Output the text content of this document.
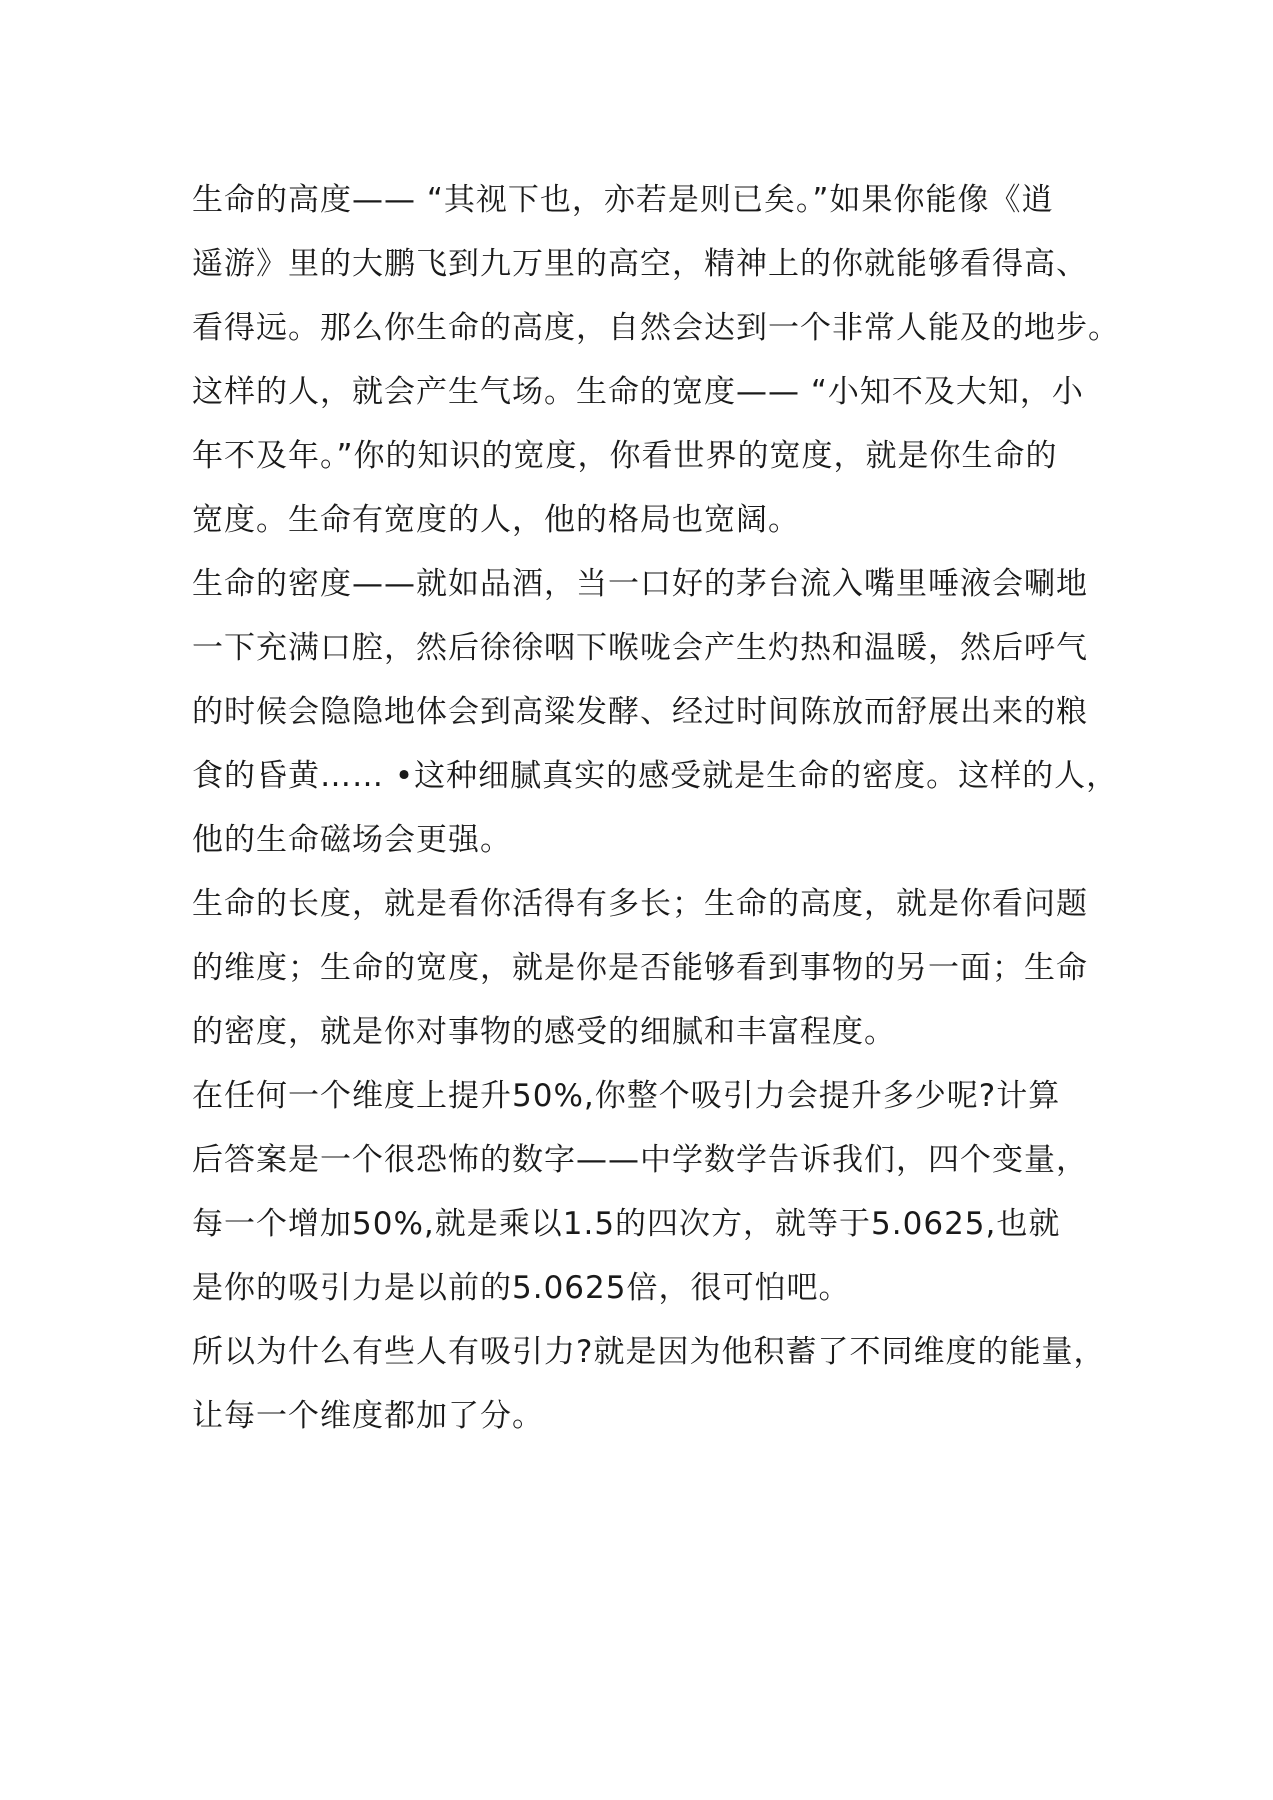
生命的高度—— “其视下也，亦若是则已矣。”如果你能像《逍
遥游》里的大鹏飞到九万里的高空，精神上的你就能够看得高、
看得远。那么你生命的高度，自然会达到一个非常人能及的地步。
这样的人，就会产生气场。生命的宽度—— “小知不及大知，小
年不及年。”你的知识的宽度，你看世界的宽度，就是你生命的
宽度。生命有宽度的人，他的格局也宽阔。
生命的密度——就如品酒，当一口好的茅台流入嘴里唾液会唰地
一下充满口腔，然后徐徐咽下喉咙会产生灼热和温暖，然后呼气
的时候会隐隐地体会到高粱发酵、经过时间陈放而舒展出来的粮
食的昏黄…… •这种细腻真实的感受就是生命的密度。这样的人，
他的生命磁场会更强。
生命的长度，就是看你活得有多长；生命的高度，就是你看问题
的维度；生命的宽度，就是你是否能够看到事物的另一面；生命
的密度，就是你对事物的感受的细腻和丰富程度。
在任何一个维度上提升50%,你整个吸引力会提升多少呢?计算
后答案是一个很恐怖的数字——中学数学告诉我们，四个变量，
每一个增加50%,就是乘以1.5的四次方，就等于5.0625,也就
是你的吸引力是以前的5.0625倍，很可怕吧。
所以为什么有些人有吸引力?就是因为他积蓄了不同维度的能量，
让每一个维度都加了分。
